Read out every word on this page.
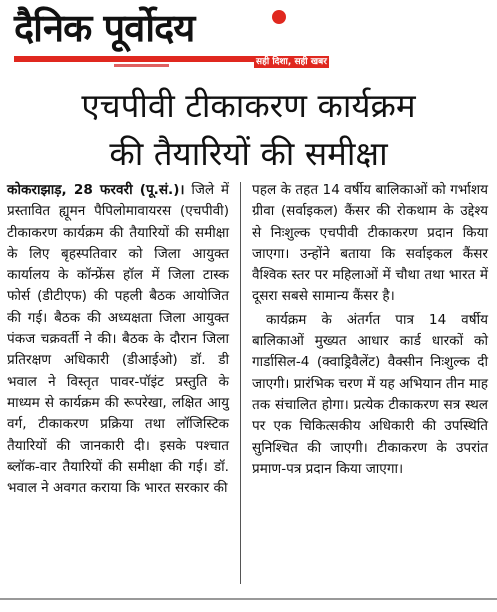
दैनिक पूर्वोदय
सही दिशा, सही खबर
एचपीवी टीकाकरण कार्यक्रम
की तैयारियों की समीक्षा

कोकराझाड़, 28 फरवरी (पू.सं.)। जिले में प्रस्तावित ह्यूमन पैपिलोमावायरस (एचपीवी) टीकाकरण कार्यक्रम की तैयारियों की समीक्षा के लिए बृहस्पतिवार को जिला आयुक्त कार्यालय के कॉन्फ्रेंस हॉल में जिला टास्क फोर्स (डीटीएफ) की पहली बैठक आयोजित की गई। बैठक की अध्यक्षता जिला आयुक्त पंकज चक्रवर्ती ने की। बैठक के दौरान जिला प्रतिरक्षण अधिकारी (डीआईओ) डॉ. डी भवाल ने विस्तृत पावर-पॉइंट प्रस्तुति के माध्यम से कार्यक्रम की रूपरेखा, लक्षित आयु वर्ग, टीकाकरण प्रक्रिया तथा लॉजिस्टिक तैयारियों की जानकारी दी। इसके पश्चात ब्लॉक-वार तैयारियों की समीक्षा की गई। डॉ. भवाल ने अवगत कराया कि भारत सरकार की

पहल के तहत 14 वर्षीय बालिकाओं को गर्भाशय ग्रीवा (सर्वाइकल) कैंसर की रोकथाम के उद्देश्य से निःशुल्क एचपीवी टीकाकरण प्रदान किया जाएगा। उन्होंने बताया कि सर्वाइकल कैंसर वैश्विक स्तर पर महिलाओं में चौथा तथा भारत में दूसरा सबसे सामान्य कैंसर है।

कार्यक्रम के अंतर्गत पात्र 14 वर्षीय बालिकाओं मुख्यत आधार कार्ड धारकों को गार्डासिल-4 (क्वाड्रिवैलेंट) वैक्सीन निःशुल्क दी जाएगी। प्रारंभिक चरण में यह अभियान तीन माह तक संचालित होगा। प्रत्येक टीकाकरण सत्र स्थल पर एक चिकित्सकीय अधिकारी की उपस्थिति सुनिश्चित की जाएगी। टीकाकरण के उपरांत प्रमाण-पत्र प्रदान किया जाएगा।
